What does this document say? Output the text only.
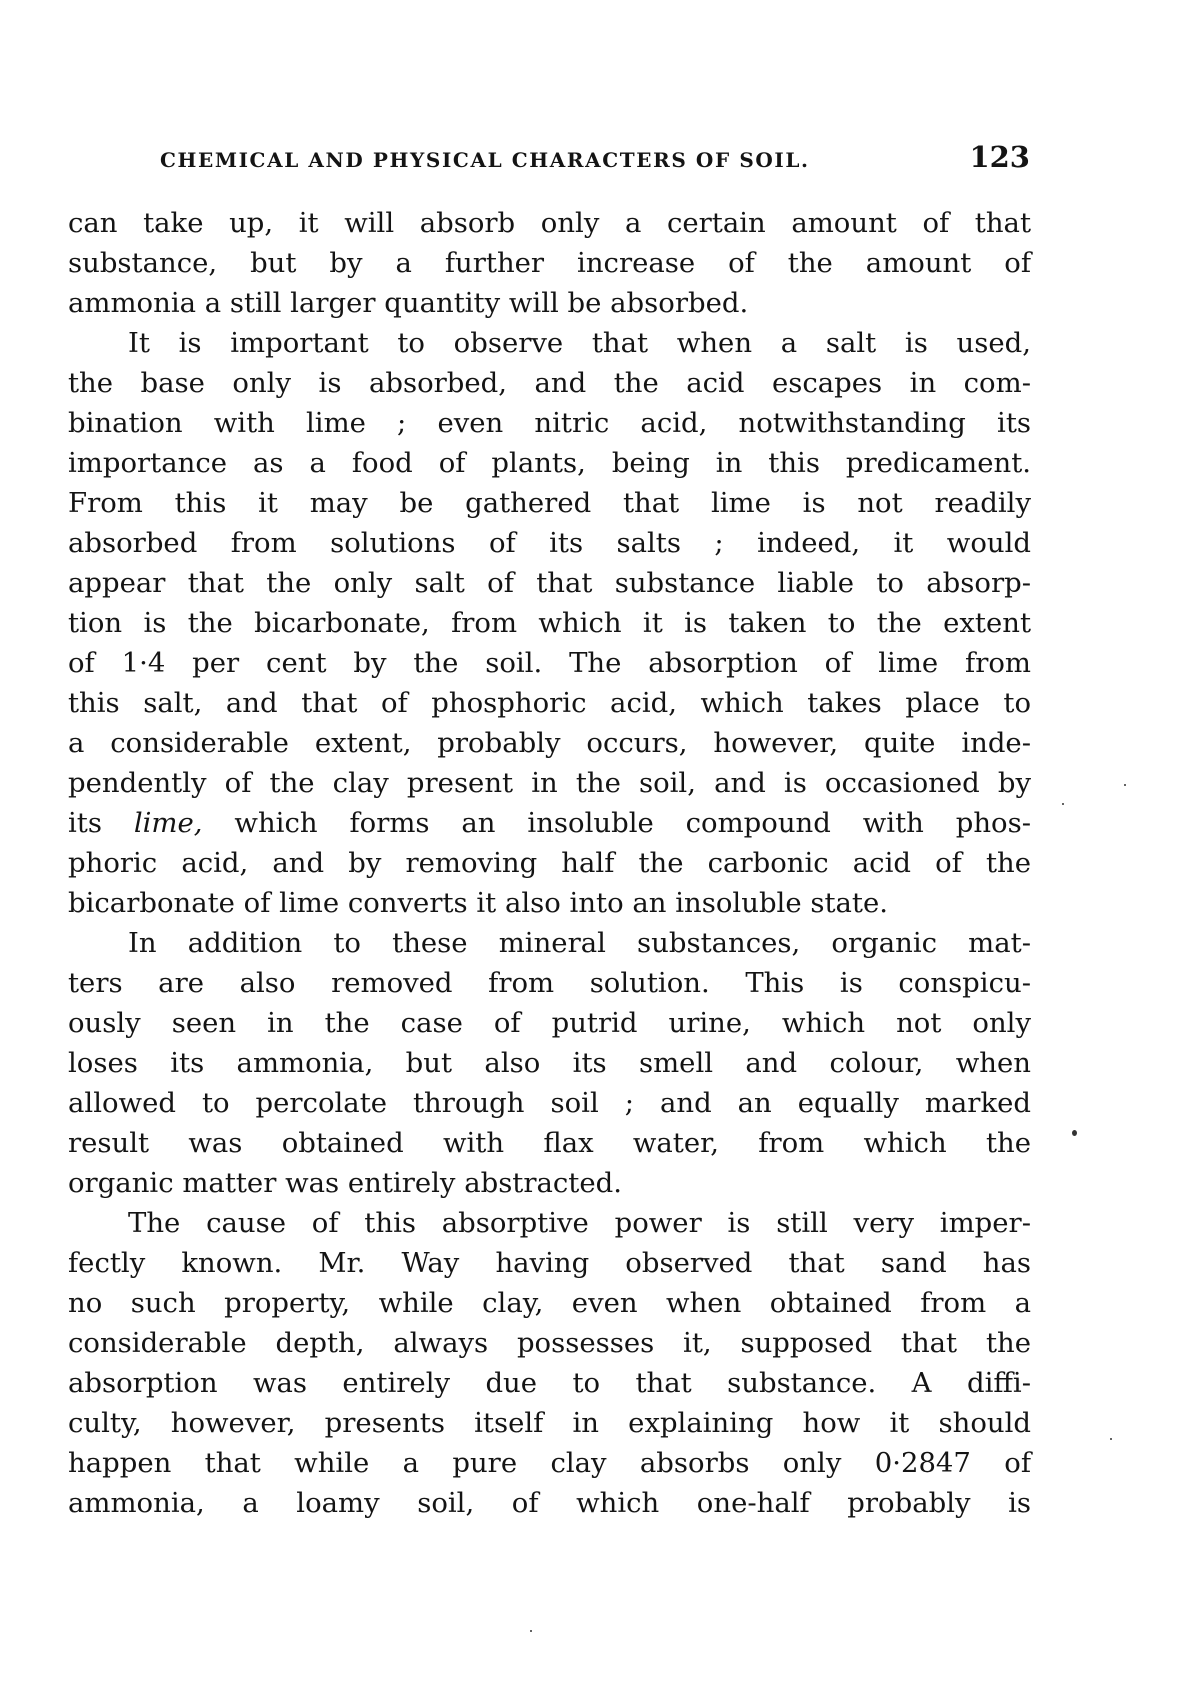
CHEMICAL AND PHYSICAL CHARACTERS OF SOIL.	123
can take up, it will absorb only a certain amount of that
substance, but by a further increase of the amount of
ammonia a still larger quantity will be absorbed.
It is important to observe that when a salt is used,
the base only is absorbed, and the acid escapes in com-
bination with lime ; even nitric acid, notwithstanding its
importance as a food of plants, being in this predicament.
From this it may be gathered that lime is not readily
absorbed from solutions of its salts ; indeed, it would
appear that the only salt of that substance liable to absorp-
tion is the bicarbonate, from which it is taken to the extent
of 1·4 per cent by the soil. The absorption of lime from
this salt, and that of phosphoric acid, which takes place to
a considerable extent, probably occurs, however, quite inde-
pendently of the clay present in the soil, and is occasioned by
its lime, which forms an insoluble compound with phos-
phoric acid, and by removing half the carbonic acid of the
bicarbonate of lime converts it also into an insoluble state.
In addition to these mineral substances, organic mat-
ters are also removed from solution. This is conspicu-
ously seen in the case of putrid urine, which not only
loses its ammonia, but also its smell and colour, when
allowed to percolate through soil ; and an equally marked
result was obtained with flax water, from which the
organic matter was entirely abstracted.
The cause of this absorptive power is still very imper-
fectly known. Mr. Way having observed that sand has
no such property, while clay, even when obtained from a
considerable depth, always possesses it, supposed that the
absorption was entirely due to that substance. A diffi-
culty, however, presents itself in explaining how it should
happen that while a pure clay absorbs only 0·2847 of
ammonia, a loamy soil, of which one-half probably is
